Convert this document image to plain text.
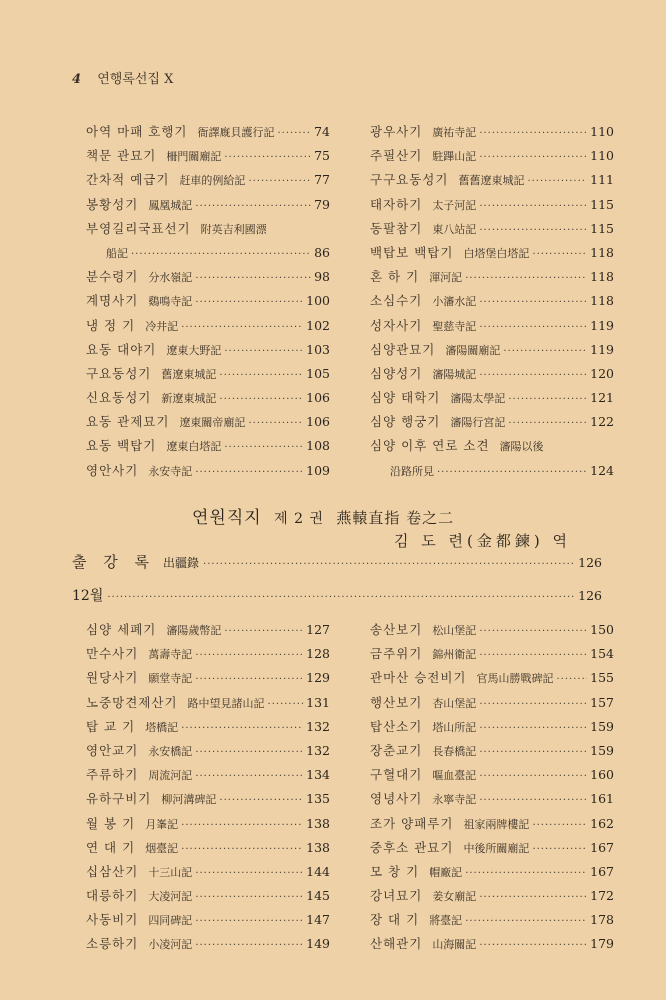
4 연행록선집 X
아역 마패 호행기 衙譯廐貝護行記 ·····	74
책문 관묘기 柵門關廟記 ·····	75
간차적 예급기 赶車的例給記 ·····	77
봉황성기 鳳凰城記 ·····	79
부영길리국표선기 附英吉利國漂
船記 ·····	86
분수령기 分水嶺記 ·····	98
계명사기 鷄鳴寺記 ·····	100
냉 정 기 冷井記 ·····	102
요동 대야기 遼東大野記 ·····	103
구요동성기 舊遼東城記 ·····	105
신요동성기 新遼東城記 ·····	106
요동 관제묘기 遼東關帝廟記 ·····	106
요동 백탑기 遼東白塔記 ·····	108
영안사기 永安寺記 ·····	109
광우사기 廣祐寺記 ·····	110
주필산기 駐蹕山記 ·····	110
구구요동성기 舊舊遼東城記 ·····	111
태자하기 太子河記 ·····	115
동팔참기 東八站記 ·····	115
백탑보 백탑기 白塔堡白塔記 ·····	118
혼 하 기 渾河記 ·····	118
소심수기 小瀋水記 ·····	118
성자사기 聖慈寺記 ·····	119
심양관묘기 瀋陽關廟記 ·····	119
심양성기 瀋陽城記 ·····	120
심양 태학기 瀋陽太學記 ·····	121
심양 행궁기 瀋陽行宮記 ·····	122
심양 이후 연로 소견 瀋陽以後
沿路所見 ·····	124
연원직지 제 2 권 燕轅直指 卷之二
김 도 련(金都鍊) 역
출 강 록 出疆錄 ·····	126
12월 ·····	126
심양 세폐기 瀋陽歲幣記 ·····	127
만수사기 萬壽寺記 ·····	128
원당사기 願堂寺記 ·····	129
노중망견제산기 路中望見諸山記 ·····	131
탑 교 기 塔橋記 ·····	132
영안교기 永安橋記 ·····	132
주류하기 周流河記 ·····	134
유하구비기 柳河溝碑記 ·····	135
월 봉 기 月峯記 ·····	138
연 대 기 烟臺記 ·····	138
십삼산기 十三山記 ·····	144
대릉하기 大凌河記 ·····	145
사동비기 四同碑記 ·····	147
소릉하기 小凌河記 ·····	149
송산보기 松山堡記 ·····	150
금주위기 錦州衛記 ·····	154
관마산 승전비기 官馬山勝戰碑記 ·····	155
행산보기 杏山堡記 ·····	157
탑산소기 塔山所記 ·····	159
장춘교기 長春橋記 ·····	159
구혈대기 嘔血臺記 ·····	160
영녕사기 永寧寺記 ·····	161
조가 양패루기 祖家兩牌樓記 ·····	162
중후소 관묘기 中後所關廟記 ·····	167
모 창 기 帽廠記 ·····	167
강녀묘기 姜女廟記 ·····	172
장 대 기 將臺記 ·····	178
산해관기 山海關記 ·····	179
